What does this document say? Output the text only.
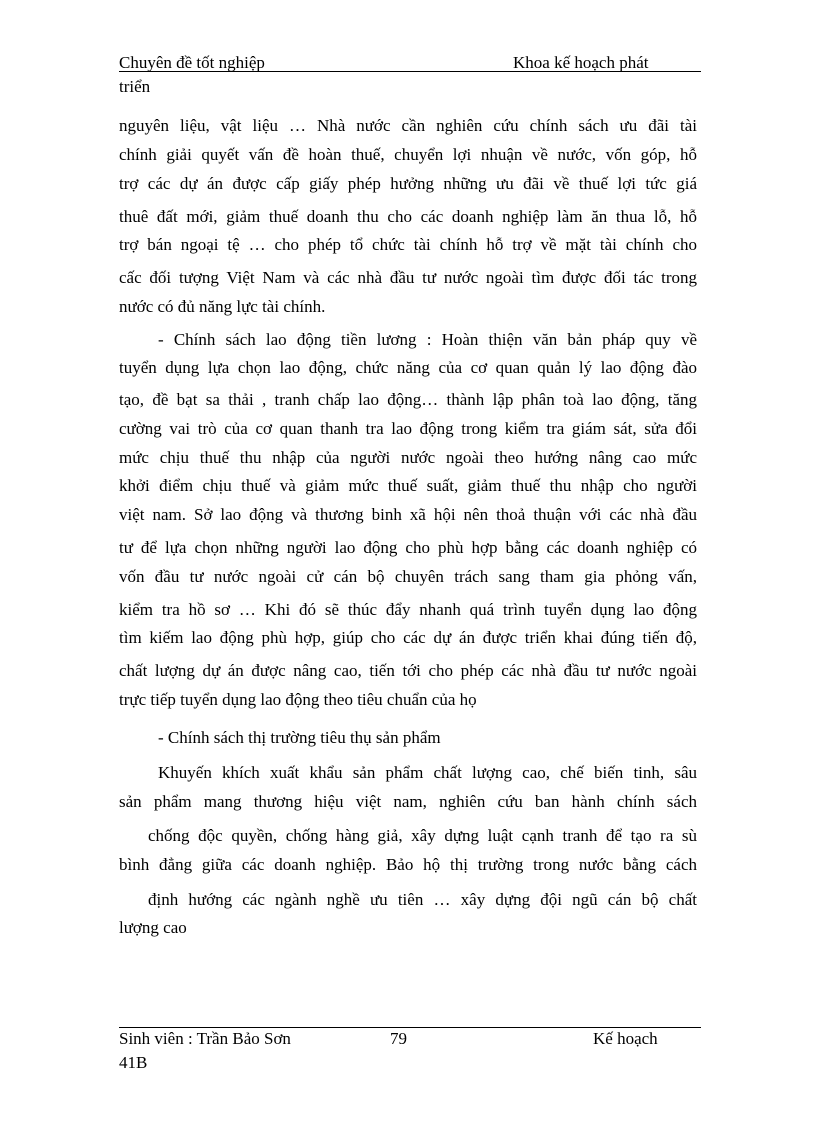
Chuyên đề tốt nghiệp	Khoa kế hoạch phát
triển
nguyên liệu, vật liệu … Nhà nước cần nghiên cứu chính sách ưu đãi tài
chính giải quyết vấn đề hoàn thuế, chuyển lợi nhuận về nước, vốn góp, hỗ
trợ các dự án được cấp giấy phép hưởng những ưu đãi về thuế lợi tức giá
thuê đất mới, giảm thuế doanh thu cho các doanh nghiệp làm ăn thua lỗ, hỗ
trợ bán ngoại tệ … cho phép tổ chức tài chính hỗ trợ về mặt tài chính cho
cấc đối tượng Việt Nam và các nhà đầu tư nước ngoài tìm được đối tác trong
nước có đủ năng lực tài chính.
- Chính sách lao động tiền lương : Hoàn thiện văn bản pháp quy về
tuyển dụng lựa chọn lao động, chức năng của cơ quan quản lý lao động đào
tạo, đề bạt sa thải , tranh chấp lao động… thành lập phân toà lao động, tăng
cường vai trò của cơ quan thanh tra lao động trong kiểm tra giám sát, sửa đổi
mức chịu thuế thu nhập của người nước ngoài theo hướng nâng cao mức
khởi điểm chịu thuế và giảm mức thuế suất, giảm thuế thu nhập cho người
việt nam. Sở lao động và thương binh xã hội nên thoả thuận với các nhà đầu
tư để lựa chọn những người lao động cho phù hợp bằng các doanh nghiệp có
vốn đầu tư nước ngoài cử cán bộ chuyên trách sang tham gia phỏng vấn,
kiểm tra hồ sơ … Khi đó sẽ thúc đẩy nhanh quá trình tuyển dụng lao động
tìm kiếm lao động phù hợp, giúp cho các dự án được triển khai đúng tiến độ,
chất lượng dự án được nâng cao, tiến tới cho phép các nhà đầu tư nước ngoài
trực tiếp tuyển dụng lao động theo tiêu chuẩn của họ
- Chính sách thị trường tiêu thụ sản phẩm
Khuyến khích xuất khẩu sản phẩm chất lượng cao, chế biến tinh, sâu
sản phẩm mang thương hiệu việt nam, nghiên cứu ban hành chính sách
chống độc quyền, chống hàng giả, xây dựng luật cạnh tranh để tạo ra sù
bình đẳng giữa các doanh nghiệp. Bảo hộ thị trường trong nước bằng cách
định hướng các ngành nghề ưu tiên … xây dựng đội ngũ cán bộ chất
lượng cao
Sinh viên : Trần Bảo Sơn
41B
79	Kế hoạch
